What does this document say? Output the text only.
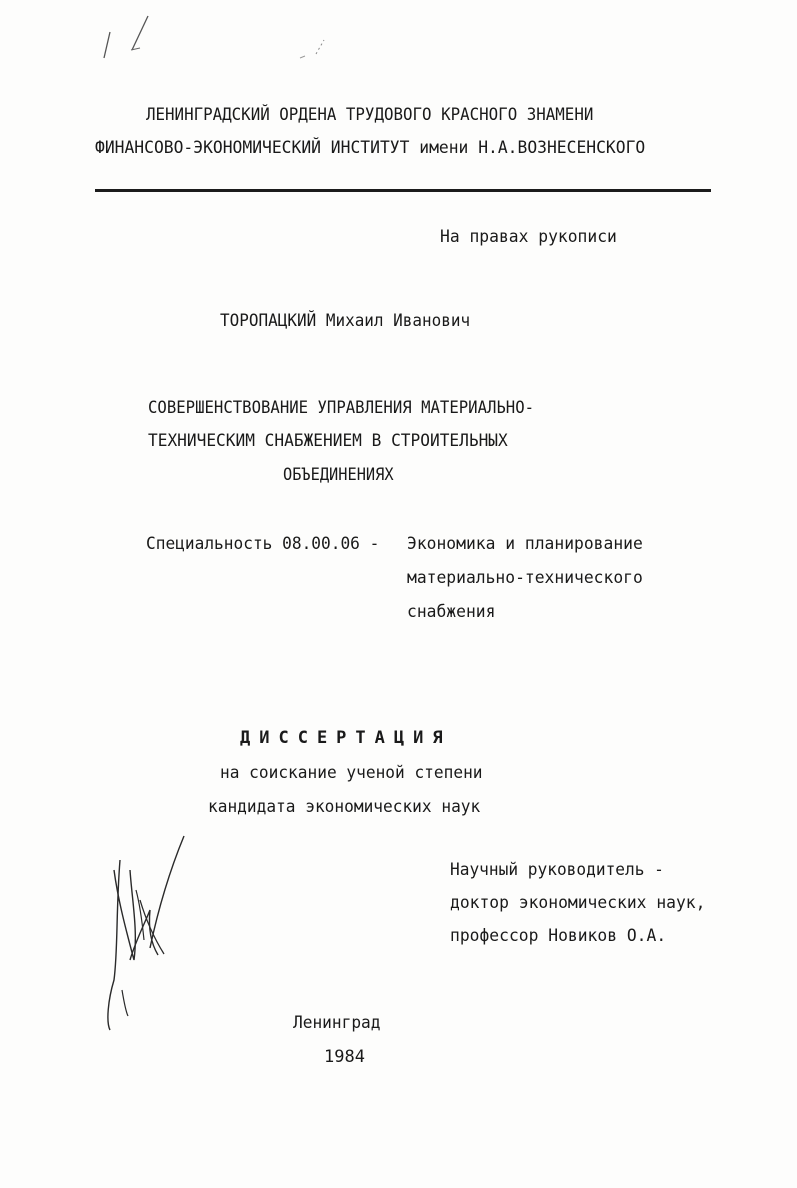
ЛЕНИНГРАДСКИЙ ОРДЕНА ТРУДОВОГО КРАСНОГО ЗНАМЕНИ
ФИНАНСОВО-ЭКОНОМИЧЕСКИЙ ИНСТИТУТ имени Н.А.ВОЗНЕСЕНСКОГО
На правах рукописи
ТОРОПАЦКИЙ Михаил Иванович
СОВЕРШЕНСТВОВАНИЕ УПРАВЛЕНИЯ МАТЕРИАЛЬНО-
ТЕХНИЧЕСКИМ СНАБЖЕНИЕМ В СТРОИТЕЛЬНЫХ
ОБЪЕДИНЕНИЯХ
Специальность 08.00.06 - Экономика и планирование
материально-технического
снабжения
ДИССЕРТАЦИЯ
на соискание ученой степени
кандидата экономических наук
Научный руководитель -
доктор экономических наук,
профессор Новиков О.А.
Ленинград
1984
